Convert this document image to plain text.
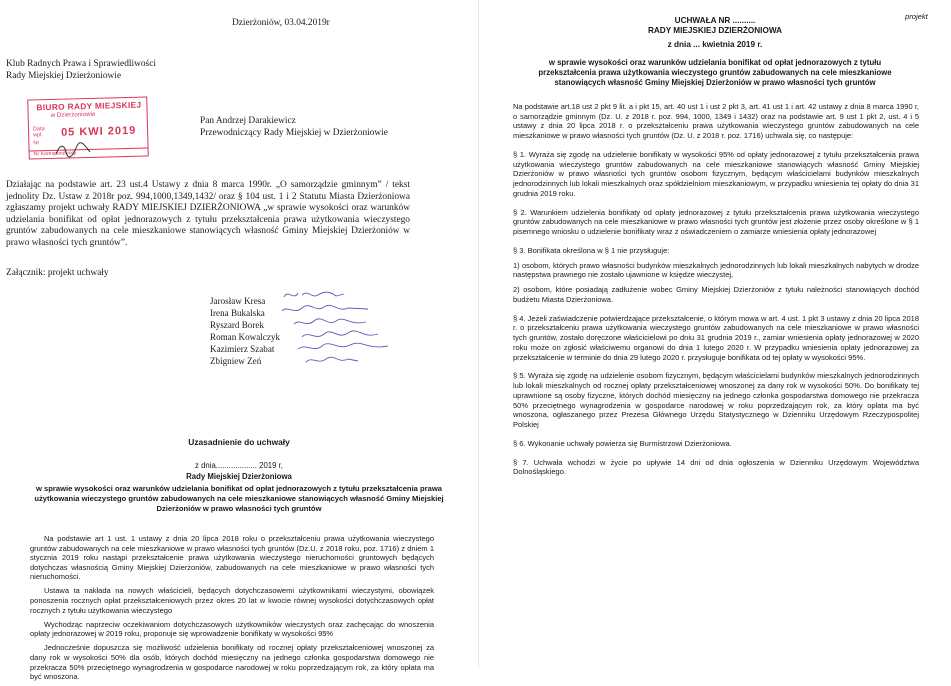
Dzierżoniów, 03.04.2019r

Klub Radnych Prawa i Sprawiedliwości
Rady Miejskiej Dzierżoniowie
BIURO RADY MIEJSKIEJ
w Dzierżoniowie
Data
wpł. 05 KWI 2019
Nr
Nr Korespondencji
Pan Andrzej Darakiewicz
Przewodniczący Rady Miejskiej w Dzierżoniowie

Działając na podstawie art. 23 ust.4 Ustawy z dnia 8 marca 1990r. „O samorządzie gminnym” / tekst jednolity Dz. Ustaw z 2018r poz. 994,1000,1349,1432/ oraz § 104 ust. 1 i 2 Statutu Miasta Dzierżoniowa zgłaszamy projekt uchwały RADY MIEJSKIEJ DZIERŻONIOWA „w sprawie wysokości oraz warunków udzielania bonifikat od opłat jednorazowych z tytułu przekształcenia prawa użytkowania wieczystego gruntów zabudowanych na cele mieszkaniowe stanowiących własność Gminy Miejskiej Dzierżoniów w prawo własności tych gruntów”.

Załącznik: projekt uchwały

Jarosław Kresa
Irena Bukalska
Ryszard Borek
Roman Kowalczyk
Kazimierz Szabat
Zbigniew Zeń

Uzasadnienie do uchwały

z dnia................... 2019 r,

Rady Miejskiej Dzierżoniowa

w sprawie wysokości oraz warunków udzielania bonifikat od opłat jednorazowych z tytułu przekształcenia prawa użytkowania wieczystego gruntów zabudowanych na cele mieszkaniowe stanowiących własność Gminy Miejskiej Dzierżoniów w prawo własności tych gruntów

Na podstawie art 1 ust. 1 ustawy z dnia 20 lipca 2018 roku o przekształceniu prawa użytkowania wieczystego gruntów zabudowanych na cele mieszkaniowe w prawo własności tych gruntów (Dz.U. z 2018 roku, poz. 1716) z dniem 1 stycznia 2019 roku nastąpi przekształcenie prawa użytkowania wieczystego nieruchomości gruntowych będących dotychczas własnością Gminy Miejskiej Dzierżoniów, zabudowanych na cele mieszkaniowe w prawo własności tych nieruchomości.

Ustawa ta nakłada na nowych właścicieli, będących dotychczasowemi użytkownikami wieczystymi, obowiązek ponoszenia rocznych opłat przekształceniowych przez okres 20 lat w kwocie równej wysokości dotychczasowych opłat rocznych z tytułu użytkowania wieczystego

Wychodząc naprzeciw oczekiwaniom dotychczasowych użytkowników wieczystych oraz zachęcając do wnoszenia opłaty jednorazowej w 2019 roku, proponuje się wprowadzenie bonifikaty w wysokości 95%

Jednocześnie dopuszcza się możliwość udzielenia bonifikaty od rocznej opłaty przekształceniowej wnoszonej za dany rok w wysokości 50% dla osób, których dochód miesięczny na jednego członka gospodarstwa domowego nie przekracza 50% przeciętnego wynagrodzenia w gospodarce narodowej w roku poprzedzającym rok, za który opłata ma być wnoszona.

projekt

UCHWAŁA NR ..........
RADY MIEJSKIEJ DZIERŻONIOWA

z dnia ... kwietnia 2019 r.

w sprawie wysokości oraz warunków udzielania bonifikat od opłat jednorazowych z tytułu przekształcenia prawa użytkowania wieczystego gruntów zabudowanych na cele mieszkaniowe stanowiących własność Gminy Miejskiej Dzierżoniów w prawo własności tych gruntów

Na podstawie art.18 ust 2 pkt 9 lit. a i pkt 15, art. 40 ust 1 i ust 2 pkt 3, art. 41 ust 1 i art. 42 ustawy z dnia 8 marca 1990 r, o samorządzie gminnym (Dz. U. z 2018 r. poz. 994, 1000, 1349 i 1432) oraz na podstawie art. 9 ust 1 pkt 2, ust. 4 i 5 ustawy z dnia 20 lipca 2018 r. o przekształceniu prawa użytkowania wieczystego gruntów zabudowanych na cele mieszkaniowe w prawo własności tych gruntów (Dz. U. z 2018 r. poz. 1716) uchwala się, co następuje:

§ 1. Wyraża się zgodę na udzielenie bonifikaty w wysokości 95% od opłaty jednorazowej z tytułu przekształcenia prawa użytkowania wieczystego gruntów zabudowanych na cele mieszkaniowe stanowiących własność Gminy Miejskiej Dzierżoniów w prawo własności tych gruntów osobom fizycznym, będącym właścicielami budynków mieszkalnych jednorodzinnych lub lokali mieszkalnych oraz spółdzielniom mieszkaniowym, w przypadku wniesienia tej opłaty do dnia 31 grudnia 2019 roku.

§ 2. Warunkiem udzielenia bonifikaty od opłaty jednorazowej z tytułu przekształcenia prawa użytkowania wieczystego gruntów zabudowanych na cele mieszkaniowe w prawo własności tych gruntów jest złożenie przez osoby określone w § 1 pisemnego wniosku o udzielenie bonifikaty wraz z oświadczeniem o zamiarze wniesienia opłaty jednorazowej

§ 3. Bonifikata określona w § 1 nie przysługuje:

1) osobom, których prawo własności budynków mieszkalnych jednorodzinnych lub lokali mieszkalnych nabytych w drodze następstwa prawnego nie zostało ujawnione w księdze wieczystej,

2) osobom, które posiadają zadłużenie wobec Gminy Miejskiej Dzierżoniów z tytułu należności stanowiących dochód budżetu Miasta Dzierżoniowa.

§ 4. Jeżeli zaświadczenie potwierdzające przekształcenie, o którym mowa w art. 4 ust. 1 pkt 3 ustawy z dnia 20 lipca 2018 r. o przekształceniu prawa użytkowania wieczystego gruntów zabudowanych na cele mieszkaniowe w prawo własności tych gruntów, zostało doręczone właścicielowi po dniu 31 grudnia 2019 r., zamiar wniesienia opłaty jednorazowej w 2020 roku może on zgłosić właściwemu organowi do dnia 1 lutego 2020 r. W przypadku wniesienia opłaty jednorazowej za przekształcenie w terminie do dnia 29 lutego 2020 r. przysługuje bonifikata od tej opłaty w wysokości 95%.

§ 5. Wyraża się zgodę na udzielenie osobom fizycznym, będącym właścicielami budynków mieszkalnych jednorodzinnych lub lokali mieszkalnych od rocznej opłaty przekształceniowej wnoszonej za dany rok w wysokości 50%. Do bonifikaty tej uprawnione są osoby fizyczne, których dochód miesięczny na jednego członka gospodarstwa domowego nie przekracza 50% przeciętnego wynagrodzenia w gospodarce narodowej w roku poprzedzającym rok, za który opłata ma być wnoszona, ogłaszanego przez Prezesa Głównego Urzędu Statystycznego w Dzienniku Urzędowym Rzeczypospolitej Polskiej

§ 6. Wykonanie uchwały powierza się Burmistrzowi Dzierżoniowa.

§ 7. Uchwała wchodzi w życie po upływie 14 dni od dnia ogłoszenia w Dzienniku Urzędowym Województwa Dolnośląskiego.
